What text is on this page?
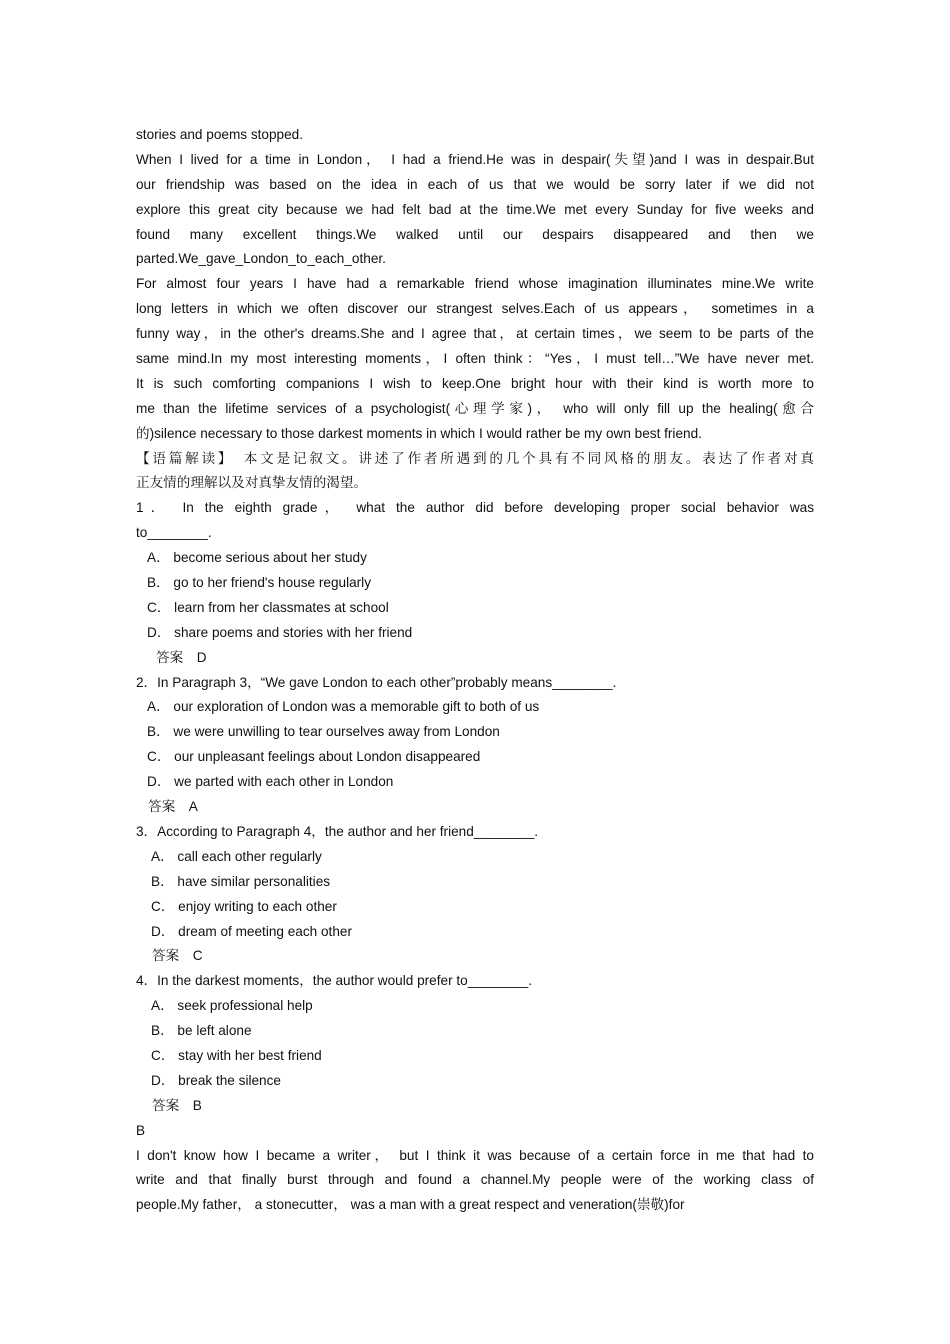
stories and poems stopped.
When I lived for a time in London， I had a friend.He was in despair(失望)and I was in despair.But
our friendship was based on the idea in each of us that we would be sorry later if we did not
explore this great city because we had felt bad at the time.We met every Sunday for five weeks and
found many excellent things.We walked until our despairs disappeared and then we
parted.We_gave_London_to_each_other.
For almost four years I have had a remarkable friend whose imagination illuminates mine.We write
long letters in which we often discover our strangest selves.Each of us appears， sometimes in a
funny way，in the other's dreams.She and I agree that，at certain times，we seem to be parts of the
same mind.In my most interesting moments，I often think：“Yes，I must tell…”We have never met.
It is such comforting companions I wish to keep.One bright hour with their kind is worth more to
me than the lifetime services of a psychologist(心理学家)， who will only fill up the healing(愈合
的)silence necessary to those darkest moments in which I would rather be my own best friend.
【语篇解读】　本文是记叙文。讲述了作者所遇到的几个具有不同风格的朋友。表达了作者对真
正友情的理解以及对真挚友情的渴望。
1． In the eighth grade， what the author did before developing proper social behavior was
to________.
A． become serious about her study
B． go to her friend's house regularly
C． learn from her classmates at school
D． share poems and stories with her friend
答案　D
2．In Paragraph 3，“We gave London to each other”probably means________.
A． our exploration of London was a memorable gift to both of us
B． we were unwilling to tear ourselves away from London
C． our unpleasant feelings about London disappeared
D． we parted with each other in London
答案　A
3．According to Paragraph 4，the author and her friend________.
A． call each other regularly
B． have similar personalities
C． enjoy writing to each other
D． dream of meeting each other
答案　C
4．In the darkest moments，the author would prefer to________.
A． seek professional help
B． be left alone
C． stay with her best friend
D． break the silence
答案　B
B
I don't know how I became a writer， but I think it was because of a certain force in me that had to
write and that finally burst through and found a channel.My people were of the working class of
people.My father， a stonecutter， was a man with a great respect and veneration(崇敬)for
